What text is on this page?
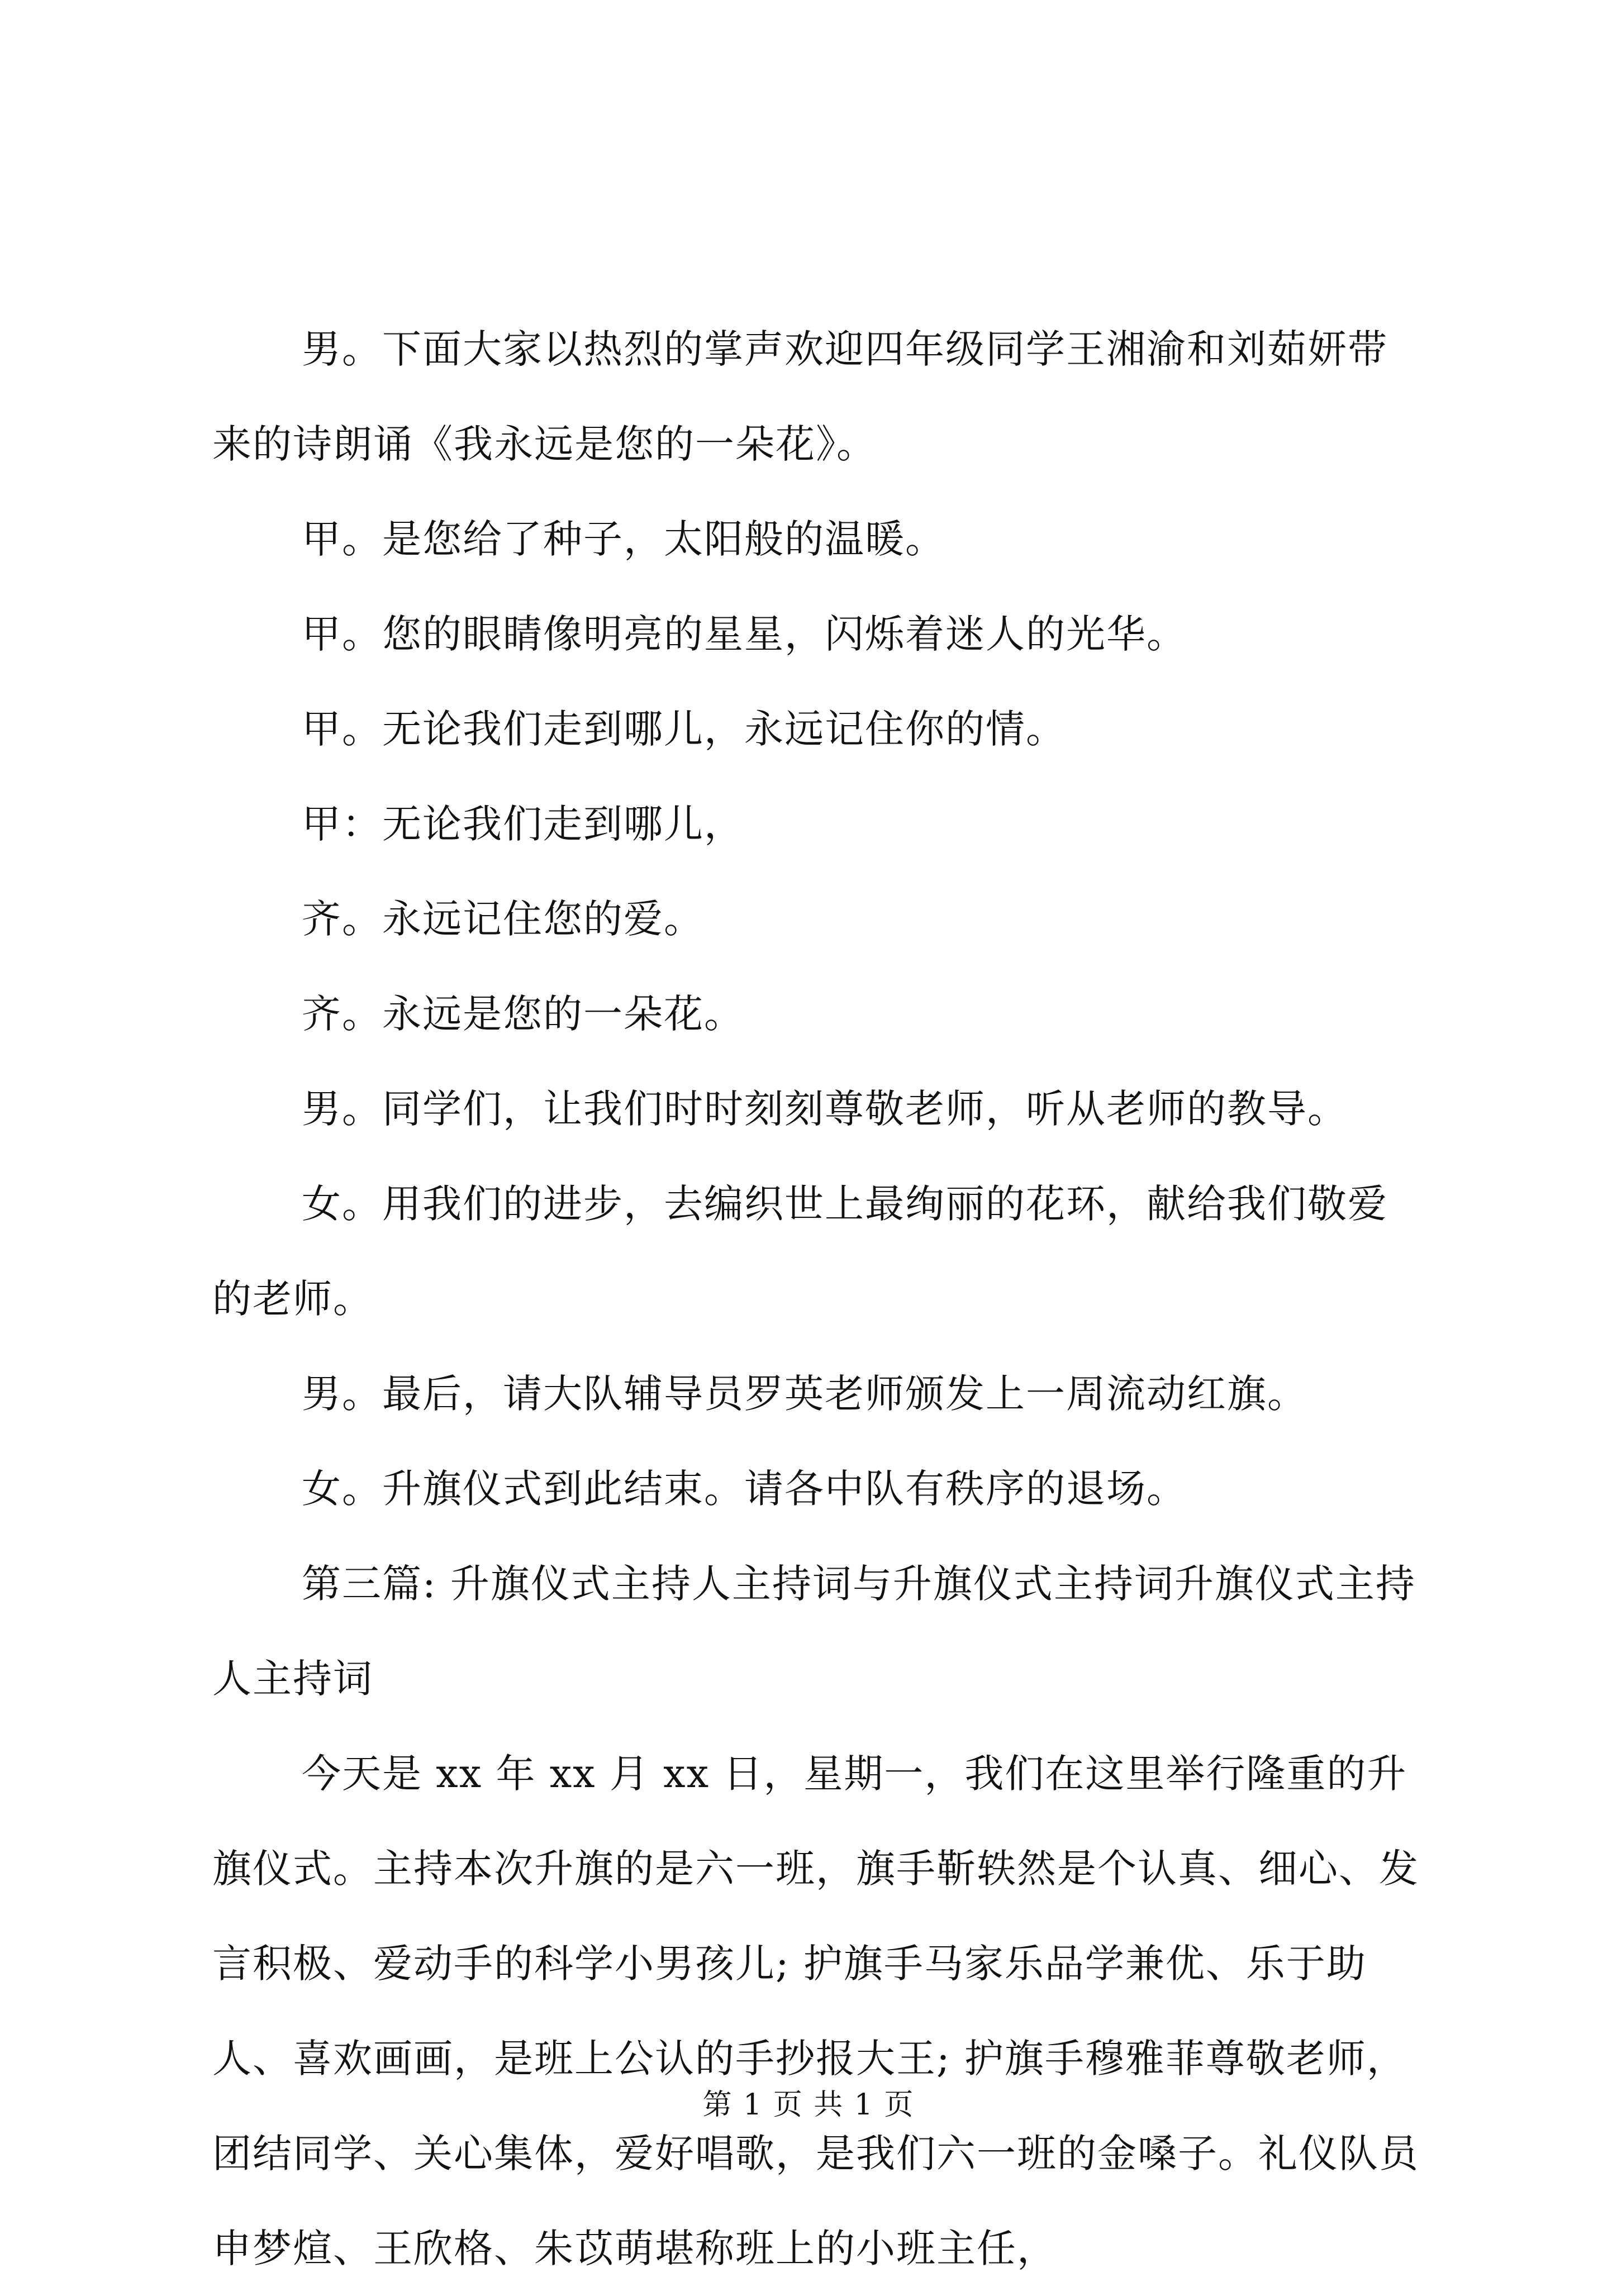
男。下面大家以热烈的掌声欢迎四年级同学王湘渝和刘茹妍带来的诗朗诵《我永远是您的一朵花》。

甲。是您给了种子，太阳般的温暖。

甲。您的眼睛像明亮的星星，闪烁着迷人的光华。

甲。无论我们走到哪儿，永远记住你的情。

甲：无论我们走到哪儿，

齐。永远记住您的爱。

齐。永远是您的一朵花。

男。同学们，让我们时时刻刻尊敬老师，听从老师的教导。

女。用我们的进步，去编织世上最绚丽的花环，献给我们敬爱的老师。

男。最后，请大队辅导员罗英老师颁发上一周流动红旗。

女。升旗仪式到此结束。请各中队有秩序的退场。

第三篇: 升旗仪式主持人主持词与升旗仪式主持词升旗仪式主持人主持词

今天是 xx 年 xx 月 xx 日，星期一，我们在这里举行隆重的升旗仪式。主持本次升旗的是六一班，旗手靳轶然是个认真、细心、发言积极、爱动手的科学小男孩儿; 护旗手马家乐品学兼优、乐于助人、喜欢画画，是班上公认的手抄报大王; 护旗手穆雅菲尊敬老师，团结同学、关心集体，爱好唱歌，是我们六一班的金嗓子。礼仪队员申梦煊、王欣格、朱苡萌堪称班上的小班主任，

第 1 页 共 1 页
